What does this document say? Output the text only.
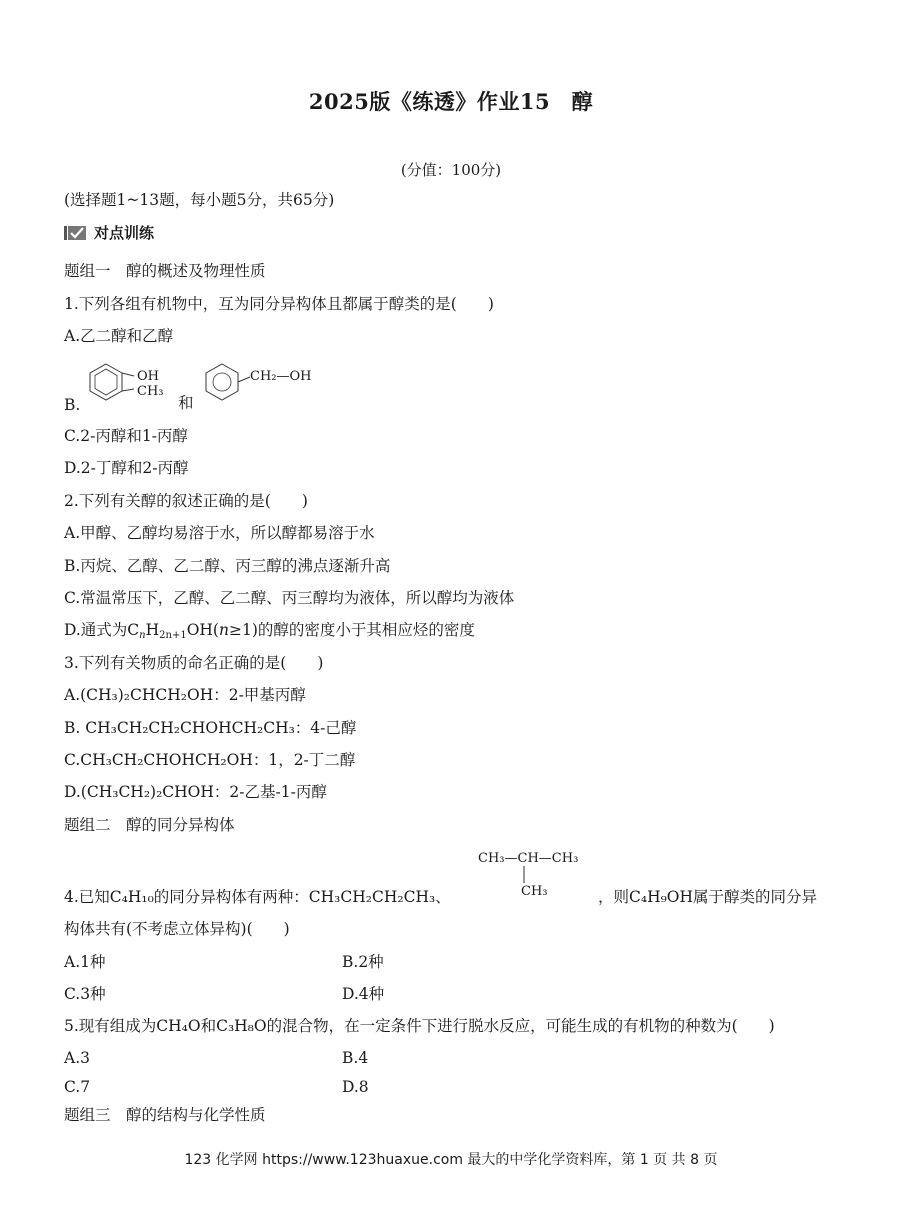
2025版《练透》作业15　醇
(分值：100分)
(选择题1~13题，每小题5分，共65分)
对点训练
题组一　醇的概述及物理性质
1.下列各组有机物中，互为同分异构体且都属于醇类的是(　　)
A.乙二醇和乙醇
B.
OH
CH₃
和
CH₂—OH
C.2-丙醇和1-丙醇
D.2-丁醇和2-丙醇
2.下列有关醇的叙述正确的是(　　)
A.甲醇、乙醇均易溶于水，所以醇都易溶于水
B.丙烷、乙醇、乙二醇、丙三醇的沸点逐渐升高
C.常温常压下，乙醇、乙二醇、丙三醇均为液体，所以醇均为液体
D.通式为$C_nH_{2n+1}OH(n\ge 1)$的醇的密度小于其相应烃的密度
3.下列有关物质的命名正确的是(　　)
A.(CH₃)₂CHCH₂OH：2-甲基丙醇
B. CH₃CH₂CH₂CHOHCH₂CH₃：4-己醇
C.CH₃CH₂CHOHCH₂OH：1，2-丁二醇
D.(CH₃CH₂)₂CHOH：2-乙基-1-丙醇
题组二　醇的同分异构体
CH₃—CH—CH₃
CH₃
4.已知C₄H₁₀的同分异构体有两种：CH₃CH₂CH₂CH₃、	，则C₄H₉OH属于醇类的同分异
构体共有(不考虑立体异构)(　　)
A.1种	B.2种
C.3种	D.4种
5.现有组成为CH₄O和C₃H₈O的混合物，在一定条件下进行脱水反应，可能生成的有机物的种数为(　　)
A.3	B.4
C.7	D.8
题组三　醇的结构与化学性质
123 化学网 https://www.123huaxue.com 最大的中学化学资料库，第 1 页 共 8 页
